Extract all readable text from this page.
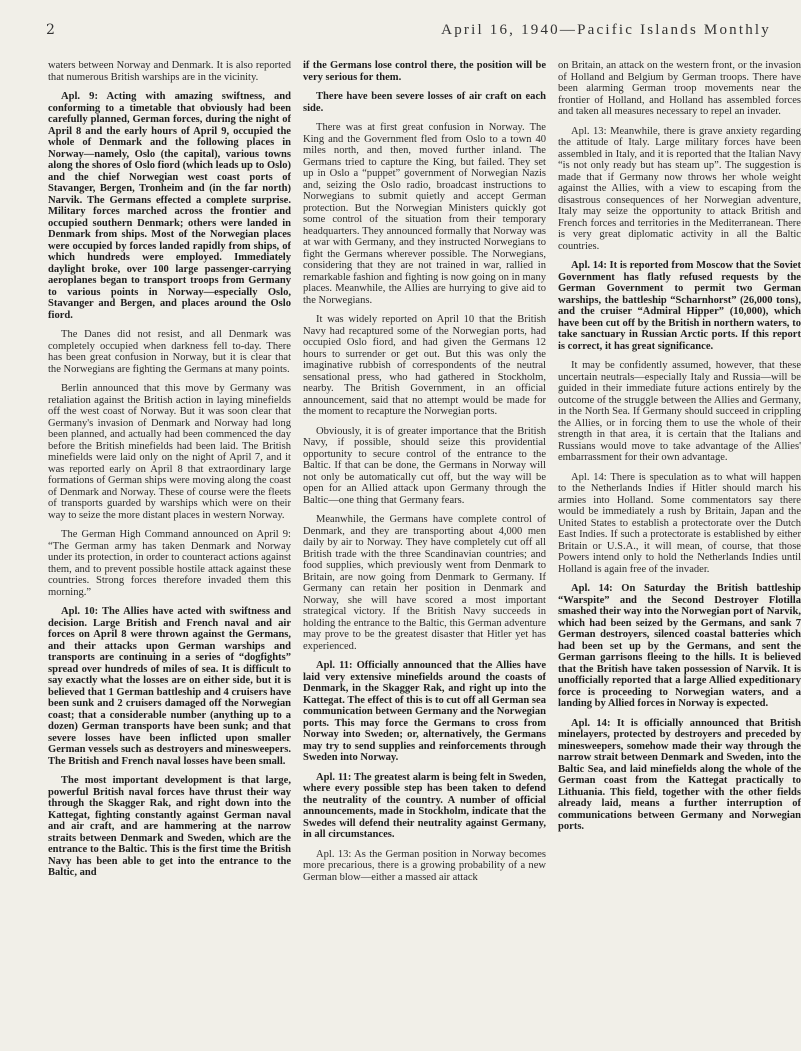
2	April 16, 1940—Pacific Islands Monthly

waters between Norway and Denmark. It is also reported that numerous British warships are in the vicinity.

Apl. 9: Acting with amazing swiftness, and conforming to a timetable that obviously had been carefully planned, German forces, during the night of April 8 and the early hours of April 9, occupied the whole of Denmark and the following places in Norway—namely, Oslo (the capital), various towns along the shores of Oslo fiord (which leads up to Oslo) and the chief Norwegian west coast ports of Stavanger, Bergen, Tronheim and (in the far north) Narvik. The Germans effected a complete surprise. Military forces marched across the frontier and occupied southern Denmark; others were landed in Denmark from ships. Most of the Norwegian places were occupied by forces landed rapidly from ships, of which hundreds were employed. Immediately daylight broke, over 100 large passenger-carrying aeroplanes began to transport troops from Germany to various points in Norway—especially Oslo, Stavanger and Bergen, and places around the Oslo fiord.

The Danes did not resist, and all Denmark was completely occupied when darkness fell to-day. There has been great confusion in Norway, but it is clear that the Norwegians are fighting the Germans at many points.

Berlin announced that this move by Germany was retaliation against the British action in laying minefields off the west coast of Norway. But it was soon clear that Germany's invasion of Denmark and Norway had long been planned, and actually had been commenced the day before the British minefields had been laid. The British minefields were laid only on the night of April 7, and it was reported early on April 8 that extraordinary large formations of German ships were moving along the coast of Denmark and Norway. These of course were the fleets of transports guarded by warships which were on their way to seize the more distant places in western Norway.

The German High Command announced on April 9: “The German army has taken Denmark and Norway under its protection, in order to counteract actions against them, and to prevent possible hostile attack against these countries. Strong forces therefore invaded them this morning.”

Apl. 10: The Allies have acted with swiftness and decision. Large British and French naval and air forces on April 8 were thrown against the Germans, and their attacks upon German warships and transports are continuing in a series of “dogfights” spread over hundreds of miles of sea. It is difficult to say exactly what the losses are on either side, but it is believed that 1 German battleship and 4 cruisers have been sunk and 2 cruisers damaged off the Norwegian coast; that a considerable number (anything up to a dozen) German transports have been sunk; and that severe losses have been inflicted upon smaller German vessels such as destroyers and minesweepers. The British and French naval losses have been small.

The most important development is that large, powerful British naval forces have thrust their way through the Skagger Rak, and right down into the Kattegat, fighting constantly against German naval and air craft, and are hammering at the narrow straits between Denmark and Sweden, which are the entrance to the Baltic. This is the first time the British Navy has been able to get into the entrance to the Baltic, and

if the Germans lose control there, the position will be very serious for them.

There have been severe losses of air craft on each side.

There was at first great confusion in Norway. The King and the Government fled from Oslo to a town 40 miles north, and then, moved further inland. The Germans tried to capture the King, but failed. They set up in Oslo a “puppet” government of Norwegian Nazis and, seizing the Oslo radio, broadcast instructions to Norwegians to submit quietly and accept German protection. But the Norwegian Ministers quickly got some control of the situation from their temporary headquarters. They announced formally that Norway was at war with Germany, and they instructed Norwegians to fight the Germans wherever possible. The Norwegians, considering that they are not trained in war, rallied in remarkable fashion and fighting is now going on in many places. Meanwhile, the Allies are hurrying to give aid to the Norwegians.

It was widely reported on April 10 that the British Navy had recaptured some of the Norwegian ports, had occupied Oslo fiord, and had given the Germans 12 hours to surrender or get out. But this was only the imaginative rubbish of correspondents of the neutral sensational press, who had gathered in Stockholm, nearby. The British Government, in an official announcement, said that no attempt would be made for the moment to recapture the Norwegian ports.

Obviously, it is of greater importance that the British Navy, if possible, should seize this providential opportunity to secure control of the entrance to the Baltic. If that can be done, the Germans in Norway will not only be automatically cut off, but the way will be open for an Allied attack upon Germany through the Baltic—one thing that Germany fears.

Meanwhile, the Germans have complete control of Denmark, and they are transporting about 4,000 men daily by air to Norway. They have completely cut off all British trade with the three Scandinavian countries; and food supplies, which previously went from Denmark to Britain, are now going from Denmark to Germany. If Germany can retain her position in Denmark and Norway, she will have scored a most important strategical victory. If the British Navy succeeds in holding the entrance to the Baltic, this German adventure may prove to be the greatest disaster that Hitler yet has experienced.

Apl. 11: Officially announced that the Allies have laid very extensive minefields around the coasts of Denmark, in the Skagger Rak, and right up into the Kattegat. The effect of this is to cut off all German sea communication between Germany and the Norwegian ports. This may force the Germans to cross from Norway into Sweden; or, alternatively, the Germans may try to send supplies and reinforcements through Sweden into Norway.

Apl. 11: The greatest alarm is being felt in Sweden, where every possible step has been taken to defend the neutrality of the country. A number of official announcements, made in Stockholm, indicate that the Swedes will defend their neutrality against Germany, in all circumstances.

Apl. 13: As the German position in Norway becomes more precarious, there is a growing probability of a new German blow—either a massed air attack

on Britain, an attack on the western front, or the invasion of Holland and Belgium by German troops. There have been alarming German troop movements near the frontier of Holland, and Holland has assembled forces and taken all measures necessary to repel an invader.

Apl. 13: Meanwhile, there is grave anxiety regarding the attitude of Italy. Large military forces have been assembled in Italy, and it is reported that the Italian Navy “is not only ready but has steam up”. The suggestion is made that if Germany now throws her whole weight against the Allies, with a view to escaping from the disastrous consequences of her Norwegian adventure, Italy may seize the opportunity to attack British and French forces and territories in the Mediterranean. There is very great diplomatic activity in all the Baltic countries.

Apl. 14: It is reported from Moscow that the Soviet Government has flatly refused requests by the German Government to permit two German warships, the battleship “Scharnhorst” (26,000 tons), and the cruiser “Admiral Hipper” (10,000), which have been cut off by the British in northern waters, to take sanctuary in Russian Arctic ports. If this report is correct, it has great significance.

It may be confidently assumed, however, that these uncertain neutrals—especially Italy and Russia—will be guided in their immediate future actions entirely by the outcome of the struggle between the Allies and Germany, in the North Sea. If Germany should succeed in crippling the Allies, or in forcing them to use the whole of their strength in that area, it is certain that the Italians and Russians would move to take advantage of the Allies' embarrassment for their own advantage.

Apl. 14: There is speculation as to what will happen to the Netherlands Indies if Hitler should march his armies into Holland. Some commentators say there would be immediately a rush by Britain, Japan and the United States to establish a protectorate over the Dutch East Indies. If such a protectorate is established by either Britain or U.S.A., it will mean, of course, that those Powers intend only to hold the Netherlands Indies until Holland is again free of the invader.

Apl. 14: On Saturday the British battleship “Warspite” and the Second Destroyer Flotilla smashed their way into the Norwegian port of Narvik, which had been seized by the Germans, and sank 7 German destroyers, silenced coastal batteries which had been set up by the Germans, and sent the German garrisons fleeing to the hills. It is believed that the British have taken possession of Narvik. It is unofficially reported that a large Allied expeditionary force is proceeding to Norwegian waters, and a landing by Allied forces in Norway is expected.

Apl. 14: It is officially announced that British minelayers, protected by destroyers and preceded by minesweepers, somehow made their way through the narrow strait between Denmark and Sweden, into the Baltic Sea, and laid minefields along the whole of the German coast from the Kattegat practically to Lithuania. This field, together with the other fields already laid, means a further interruption of communications between Germany and Norwegian ports.
